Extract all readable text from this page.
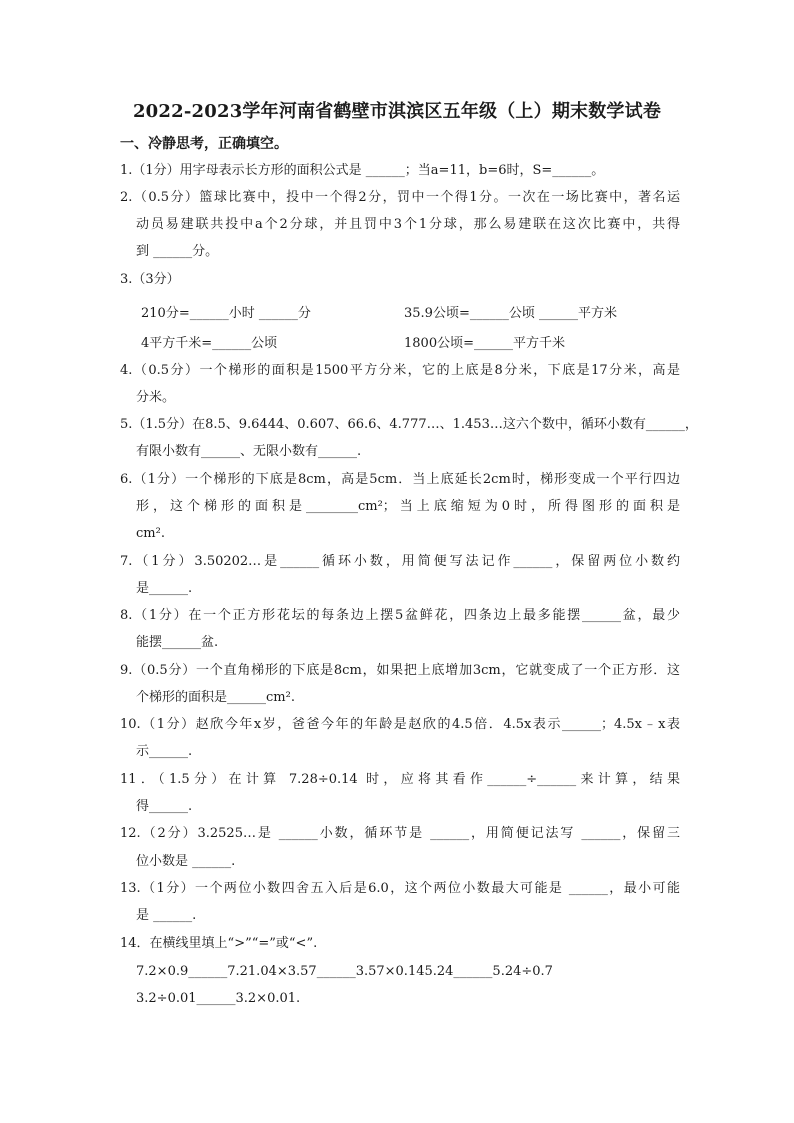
2022-2023学年河南省鹤壁市淇滨区五年级（上）期末数学试卷
一、冷静思考，正确填空。
1.（1分）用字母表示长方形的面积公式是 ______；当a=11，b=6时，S=______。
2.（0.5分）篮球比赛中，投中一个得2分，罚中一个得1分。一次在一场比赛中，著名运
动员易建联共投中a个2分球，并且罚中3个1分球，那么易建联在这次比赛中，共得
到 ______分。
3.（3分）
210分=______小时 ______分	35.9公顷=______公顷 ______平方米
4平方千米=______公顷	1800公顷=______平方千米
4.（0.5分）一个梯形的面积是1500平方分米，它的上底是8分米，下底是17分米，高是
分米。
5.（1.5分）在8.5、9.6444、0.607、66.6、4.777…、1.453…这六个数中，循环小数有______，
有限小数有______、无限小数有______.
6.（1分）一个梯形的下底是8cm，高是5cm．当上底延长2cm时，梯形变成一个平行四边
形，这个梯形的面积是________cm²；当上底缩短为0时，所得图形的面积是
cm².
7.（1分）3.50202…是______循环小数，用简便写法记作______，保留两位小数约
是______.
8.（1分）在一个正方形花坛的每条边上摆5盆鲜花，四条边上最多能摆______盆，最少
能摆______盆.
9.（0.5分）一个直角梯形的下底是8cm，如果把上底增加3cm，它就变成了一个正方形．这
个梯形的面积是______cm².
10.（1分）赵欣今年x岁，爸爸今年的年龄是赵欣的4.5倍．4.5x表示______；4.5x﹣x表
示______.
11．（1.5分）在计算 7.28÷0.14 时，应将其看作______÷______来计算，结果
得______.
12.（2分）3.2525…是 ______小数，循环节是 ______，用简便记法写 ______，保留三
位小数是 ______.
13.（1分）一个两位小数四舍五入后是6.0，这个两位小数最大可能是 ______，最小可能
是 ______.
14．在横线里填上“>”“=”或“<”.
7.2×0.9______7.21.04×3.57______3.57×0.145.24______5.24÷0.7
3.2÷0.01______3.2×0.01.
